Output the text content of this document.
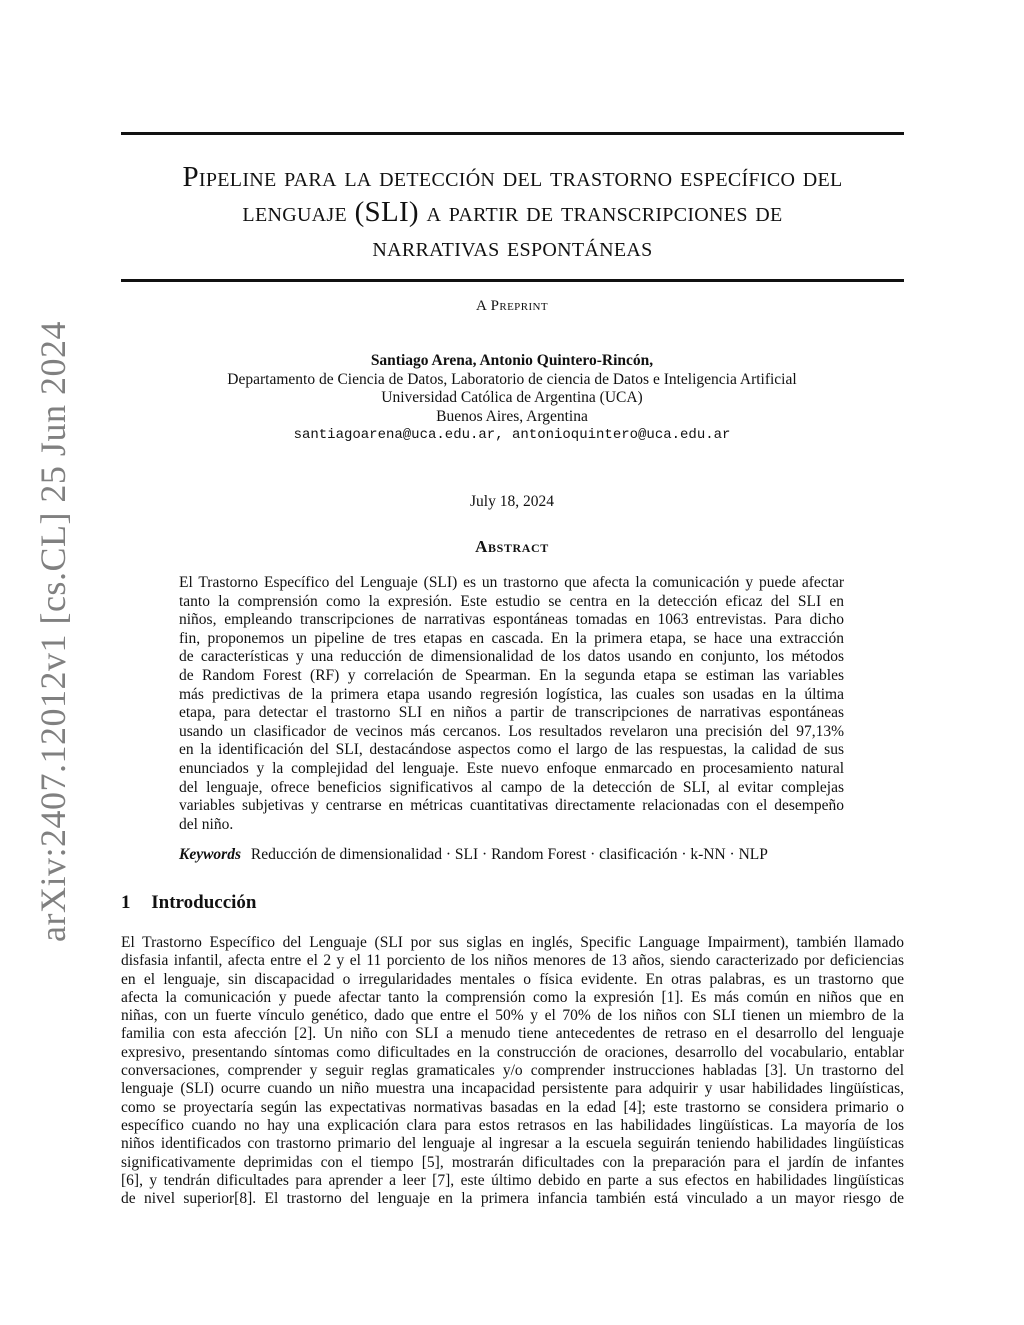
arXiv:2407.12012v1 [cs.CL] 25 Jun 2024
Pipeline para la detección del trastorno específico del
lenguaje (SLI) a partir de transcripciones de
narrativas espontáneas
A Preprint
Santiago Arena, Antonio Quintero-Rincón,
Departamento de Ciencia de Datos, Laboratorio de ciencia de Datos e Inteligencia Artificial
Universidad Católica de Argentina (UCA)
Buenos Aires, Argentina
santiagoarena@uca.edu.ar, antonioquintero@uca.edu.ar
July 18, 2024
Abstract
El Trastorno Específico del Lenguaje (SLI) es un trastorno que afecta la comunicación y puede afectar
tanto la comprensión como la expresión. Este estudio se centra en la detección eficaz del SLI en
niños, empleando transcripciones de narrativas espontáneas tomadas en 1063 entrevistas. Para dicho
fin, proponemos un pipeline de tres etapas en cascada. En la primera etapa, se hace una extracción
de características y una reducción de dimensionalidad de los datos usando en conjunto, los métodos
de Random Forest (RF) y correlación de Spearman. En la segunda etapa se estiman las variables
más predictivas de la primera etapa usando regresión logística, las cuales son usadas en la última
etapa, para detectar el trastorno SLI en niños a partir de transcripciones de narrativas espontáneas
usando un clasificador de vecinos más cercanos. Los resultados revelaron una precisión del 97,13%
en la identificación del SLI, destacándose aspectos como el largo de las respuestas, la calidad de sus
enunciados y la complejidad del lenguaje. Este nuevo enfoque enmarcado en procesamiento natural
del lenguaje, ofrece beneficios significativos al campo de la detección de SLI, al evitar complejas
variables subjetivas y centrarse en métricas cuantitativas directamente relacionadas con el desempeño
del niño.
Keywords Reducción de dimensionalidad · SLI · Random Forest · clasificación · k-NN · NLP
1 Introducción
El Trastorno Específico del Lenguaje (SLI por sus siglas en inglés, Specific Language Impairment), también llamado
disfasia infantil, afecta entre el 2 y el 11 porciento de los niños menores de 13 años, siendo caracterizado por deficiencias
en el lenguaje, sin discapacidad o irregularidades mentales o física evidente. En otras palabras, es un trastorno que
afecta la comunicación y puede afectar tanto la comprensión como la expresión [1]. Es más común en niños que en
niñas, con un fuerte vínculo genético, dado que entre el 50% y el 70% de los niños con SLI tienen un miembro de la
familia con esta afección [2]. Un niño con SLI a menudo tiene antecedentes de retraso en el desarrollo del lenguaje
expresivo, presentando síntomas como dificultades en la construcción de oraciones, desarrollo del vocabulario, entablar
conversaciones, comprender y seguir reglas gramaticales y/o comprender instrucciones habladas [3]. Un trastorno del
lenguaje (SLI) ocurre cuando un niño muestra una incapacidad persistente para adquirir y usar habilidades lingüísticas,
como se proyectaría según las expectativas normativas basadas en la edad [4]; este trastorno se considera primario o
específico cuando no hay una explicación clara para estos retrasos en las habilidades lingüísticas. La mayoría de los
niños identificados con trastorno primario del lenguaje al ingresar a la escuela seguirán teniendo habilidades lingüísticas
significativamente deprimidas con el tiempo [5], mostrarán dificultades con la preparación para el jardín de infantes
[6], y tendrán dificultades para aprender a leer [7], este último debido en parte a sus efectos en habilidades lingüísticas
de nivel superior[8]. El trastorno del lenguaje en la primera infancia también está vinculado a un mayor riesgo de
